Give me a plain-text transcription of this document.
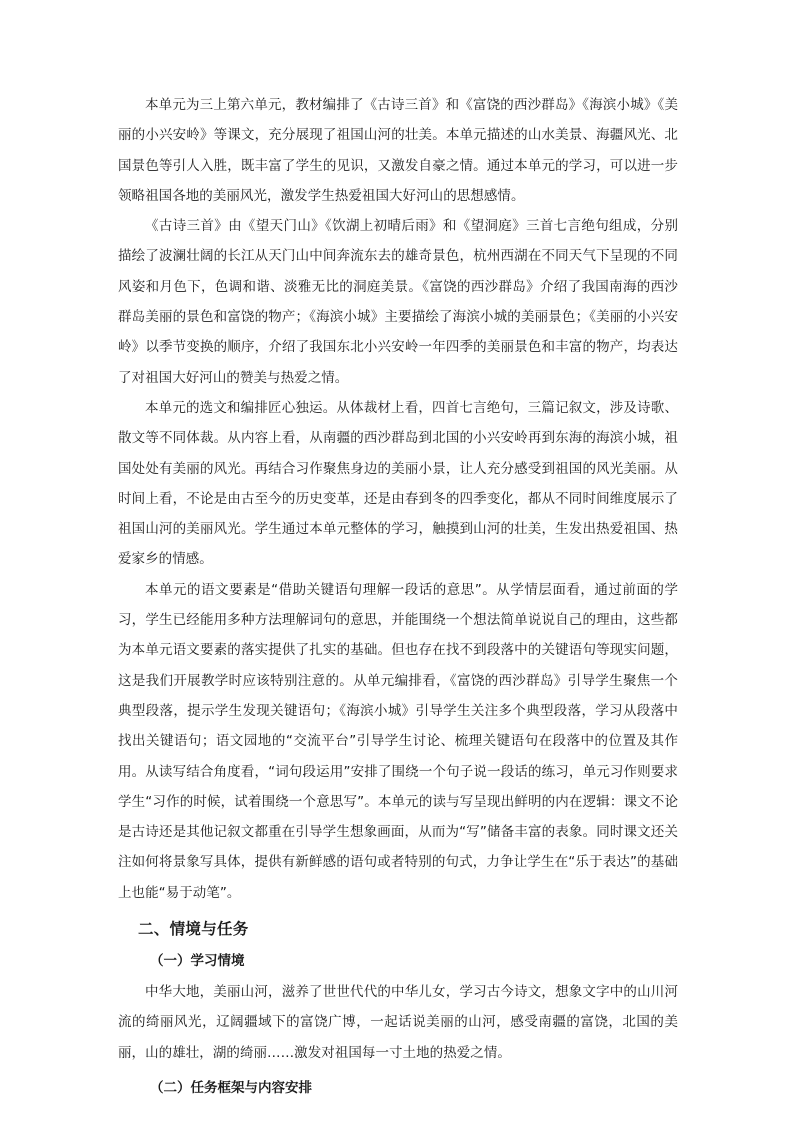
本单元为三上第六单元，教材编排了《古诗三首》和《富饶的西沙群岛》《海滨小城》《美丽的小兴安岭》等课文，充分展现了祖国山河的壮美。本单元描述的山水美景、海疆风光、北国景色等引人入胜，既丰富了学生的见识，又激发自豪之情。通过本单元的学习，可以进一步领略祖国各地的美丽风光，激发学生热爱祖国大好河山的思想感情。

《古诗三首》由《望天门山》《饮湖上初晴后雨》和《望洞庭》三首七言绝句组成，分别描绘了波澜壮阔的长江从天门山中间奔流东去的雄奇景色，杭州西湖在不同天气下呈现的不同风姿和月色下，色调和谐、淡雅无比的洞庭美景。《富饶的西沙群岛》介绍了我国南海的西沙群岛美丽的景色和富饶的物产；《海滨小城》主要描绘了海滨小城的美丽景色；《美丽的小兴安岭》以季节变换的顺序，介绍了我国东北小兴安岭一年四季的美丽景色和丰富的物产，均表达了对祖国大好河山的赞美与热爱之情。

本单元的选文和编排匠心独运。从体裁材上看，四首七言绝句，三篇记叙文，涉及诗歌、散文等不同体裁。从内容上看，从南疆的西沙群岛到北国的小兴安岭再到东海的海滨小城，祖国处处有美丽的风光。再结合习作聚焦身边的美丽小景，让人充分感受到祖国的风光美丽。从时间上看，不论是由古至今的历史变革，还是由春到冬的四季变化，都从不同时间维度展示了祖国山河的美丽风光。学生通过本单元整体的学习，触摸到山河的壮美，生发出热爱祖国、热爱家乡的情感。

本单元的语文要素是“借助关键语句理解一段话的意思”。从学情层面看，通过前面的学习，学生已经能用多种方法理解词句的意思，并能围绕一个想法简单说说自己的理由，这些都为本单元语文要素的落实提供了扎实的基础。但也存在找不到段落中的关键语句等现实问题，这是我们开展教学时应该特别注意的。从单元编排看，《富饶的西沙群岛》引导学生聚焦一个典型段落，提示学生发现关键语句；《海滨小城》引导学生关注多个典型段落，学习从段落中找出关键语句；语文园地的“交流平台”引导学生讨论、梳理关键语句在段落中的位置及其作用。从读写结合角度看，“词句段运用”安排了围绕一个句子说一段话的练习，单元习作则要求学生“习作的时候，试着围绕一个意思写”。本单元的读与写呈现出鲜明的内在逻辑：课文不论是古诗还是其他记叙文都重在引导学生想象画面，从而为“写”储备丰富的表象。同时课文还关注如何将景象写具体，提供有新鲜感的语句或者特别的句式，力争让学生在“乐于表达”的基础上也能“易于动笔”。

二、情境与任务
（一）学习情境

中华大地，美丽山河，滋养了世世代代的中华儿女，学习古今诗文，想象文字中的山川河流的绮丽风光，辽阔疆域下的富饶广博，一起话说美丽的山河，感受南疆的富饶，北国的美丽，山的雄壮，湖的绮丽……激发对祖国每一寸土地的热爱之情。

（二）任务框架与内容安排
